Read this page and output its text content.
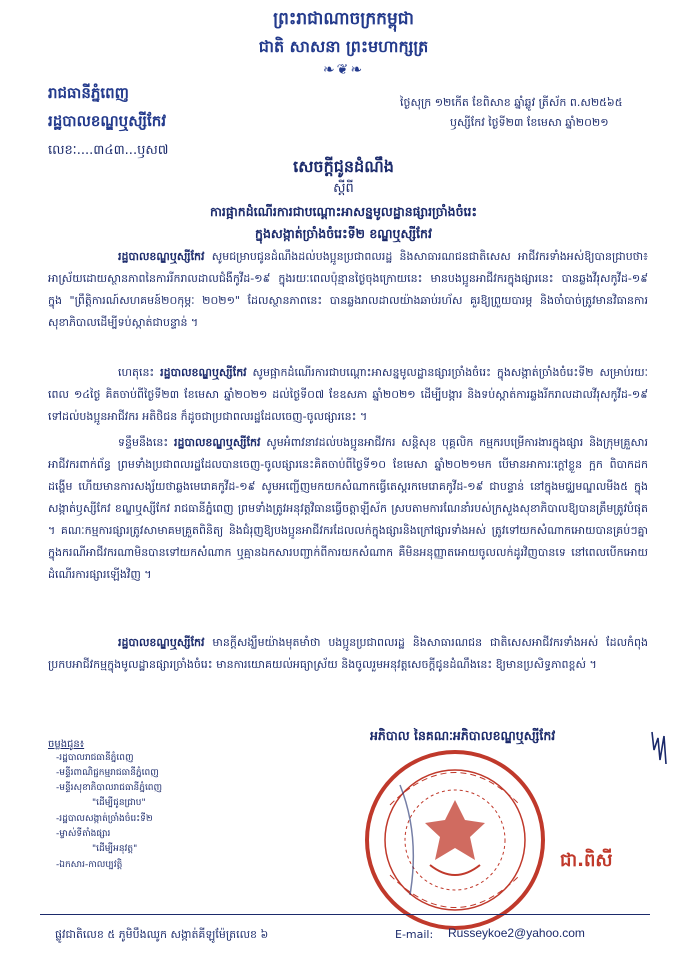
ព្រះរាជាណាចក្រកម្ពុជា
ជាតិ សាសនា ព្រះមហាក្សត្រ
❧❦❧
រាជធានីភ្នំពេញ
រដ្ឋបាលខណ្ឌឬស្សីកែវ
លេខៈ....៣៤៣...ឫស៧
ថ្ងៃសុក្រ ១២កើត ខែពិសាខ ឆ្នាំឆ្លូវ ត្រីស័ក ព.ស២៥៦៥
ឫស្សីកែវ ថ្ងៃទី២៣ ខែមេសា ឆ្នាំ២០២១
សេចក្តីជូនដំណឹង
ស្តីពី
ការផ្អាកដំណើរការជាបណ្តោះអាសន្នមូលដ្ឋានផ្សារច្រាំងចំរេះ
ក្នុងសង្កាត់ច្រាំងចំរេះទី២ ខណ្ឌឬស្សីកែវ
រដ្ឋបាលខណ្ឌឬស្សីកែវ សូមជម្រាបជូនដំណឹងដល់បងប្អូនប្រជាពលរដ្ឋ និងសាធារណជនជាតិសេស អាជីវករទាំងអស់ឱ្យបានជ្រាបថា៖ អាស្រ័យដោយស្ថានភាពនៃការរីករាលដាលជំងឺកូវីដ-១៩ ក្នុងរយៈពេលប៉ុន្មានថ្ងៃចុងក្រោយនេះ មានបងប្អូនអាជីវករក្នុងផ្សារនេះ បានឆ្លងវីរុសកូវីដ-១៩ ក្នុង "ព្រឹត្តិការណ៍សហគមន៍២០កុម្ភៈ ២០២១" ដែលស្ថានភាពនេះ បានឆ្លងរាលដាលយ៉ាងឆាប់រហ័ស គួរឱ្យព្រួយបារម្ភ និងចាំបាច់ត្រូវមានវិធានការសុខាភិបាលដើម្បីទប់ស្កាត់ជាបន្ទាន់ ។
ហេតុនេះ រដ្ឋបាលខណ្ឌឬស្សីកែវ សូមផ្អាកដំណើរការជាបណ្តោះអាសន្នមូលដ្ឋានផ្សារច្រាំងចំរេះ ក្នុងសង្កាត់ច្រាំងចំរេះទី២ សម្រាប់រយៈពេល ១៤ថ្ងៃ គិតចាប់ពីថ្ងៃទី២៣ ខែមេសា ឆ្នាំ២០២១ ដល់ថ្ងៃទី០៧ ខែឧសភា ឆ្នាំ២០២១ ដើម្បីបង្ការ និងទប់ស្កាត់ការឆ្លងរីករាលដាលវីរុសកូវីដ-១៩ ទៅដល់បងប្អូនអាជីវករ អតិថិជន ក៏ដូចជាប្រជាពលរដ្ឋដែលចេញ-ចូលផ្សារនេះ ។
ទន្ទឹមនឹងនេះ រដ្ឋបាលខណ្ឌឬស្សីកែវ សូមអំពាវនាវដល់បងប្អូនអាជីវករ សន្តិសុខ បុគ្គលិក កម្មករបម្រើការងារក្នុងផ្សារ និងក្រុមគ្រួសារអាជីវករពាក់ព័ន្ធ ព្រមទាំងប្រជាពលរដ្ឋដែលបានចេញ-ចូលផ្សារនេះគិតចាប់ពីថ្ងៃទី១០ ខែមេសា ឆ្នាំ២០២១មក បើមានអាការៈក្តៅខ្លួន ក្អក ពិបាកដកដង្ហើម ហើយមានការសង្ស័យថាឆ្លងមេរោគកូវីដ-១៩ សូមអញ្ជើញមកយកសំណាកធ្វើតេស្តរកមេរោគកូវីដ-១៩ ជាបន្ទាន់ នៅក្នុងមជ្ឈមណ្ឌលមីង៥ ក្នុងសង្កាត់ឫស្សីកែវ ខណ្ឌឬស្សីកែវ រាជធានីភ្នំពេញ ព្រមទាំងត្រូវអនុវត្តវិធានធ្វើចត្តាឡីស័ក ស្របតាមការណែនាំរបស់ក្រសួងសុខាភិបាលឱ្យបានត្រឹមត្រូវបំផុត ។ គណៈកម្មការផ្សារត្រូវសាមាគមគ្រួតពិនិត្យ និងជំរុញឱ្យបងប្អូនអាជីវករដែលលក់ក្នុងផ្សារនិងក្រៅផ្សារទាំងអស់ ត្រូវទៅយកសំណាកអោយបានគ្រប់ៗគ្នា ក្នុងករណីអាជីវករណាមិនបានទៅយកសំណាក ឬគ្មានឯកសារបញ្ជាក់ពីការយកសំណាក គឺមិនអនុញ្ញាតអោយចូលលក់ដូរវិញបានទេ នៅពេលបើកអោយដំណើរការផ្សារឡើងវិញ ។
រដ្ឋបាលខណ្ឌឬស្សីកែវ មានក្តីសង្ឃឹមយ៉ាងមុតមាំថា បងប្អូនប្រជាពលរដ្ឋ និងសាធារណជន ជាតិសេសអាជីវករទាំងអស់ ដែលកំពុងប្រកបអាជីវកម្មក្នុងមូលដ្ឋានផ្សារច្រាំងចំរេះ មានការយោគយល់អធ្យាស្រ័យ និងចូលរួមអនុវត្តសេចក្តីជូនដំណឹងនេះ ឱ្យមានប្រសិទ្ធភាពខ្ពស់ ។
អភិបាល នៃគណៈអភិបាលខណ្ឌឬស្សីកែវ
ជា.ពិសី
ចម្លងជូន៖
-រដ្ឋបាលរាជធានីភ្នំពេញ
-មន្ទីរពាណិជ្ជកម្មរាជធានីភ្នំពេញ
-មន្ទីរសុខាភិបាលរាជធានីភ្នំពេញ
"ដើម្បីជូនជ្រាប"
-រដ្ឋបាលសង្កាត់ច្រាំងចំរេះទី២
-ម្ចាស់ទីតាំងផ្សារ
"ដើម្បីអនុវត្ត"
-ឯកសារ-កាលប្បវត្តិ
ផ្លូវជាតិលេខ ៥ ភូមិបឹងឈូក សង្កាត់គីឡូម៉ែត្រលេខ ៦	E-mail: Russeykoe2@yahoo.com
